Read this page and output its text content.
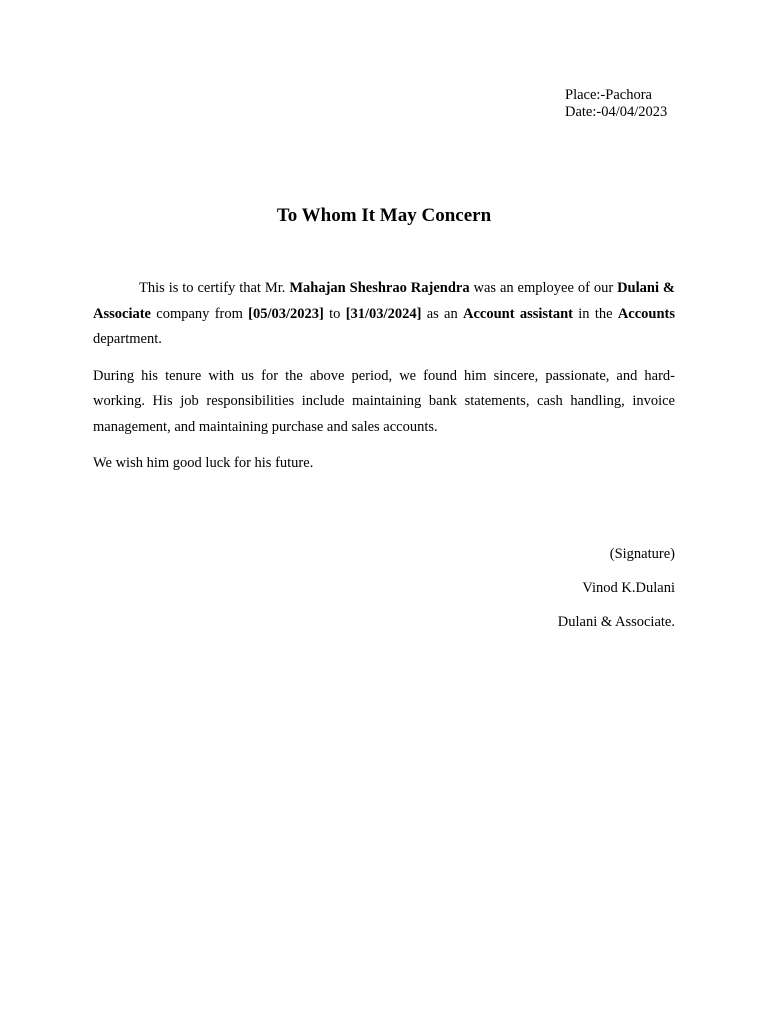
Place:-Pachora
Date:-04/04/2023
To Whom It May Concern

This is to certify that Mr. Mahajan Sheshrao Rajendra was an employee of our Dulani & Associate company from [05/03/2023] to [31/03/2024] as an Account assistant in the Accounts department.

During his tenure with us for the above period, we found him sincere, passionate, and hard-working. His job responsibilities include maintaining bank statements, cash handling, invoice management, and maintaining purchase and sales accounts.

We wish him good luck for his future.

(Signature)
Vinod K.Dulani
Dulani & Associate.
